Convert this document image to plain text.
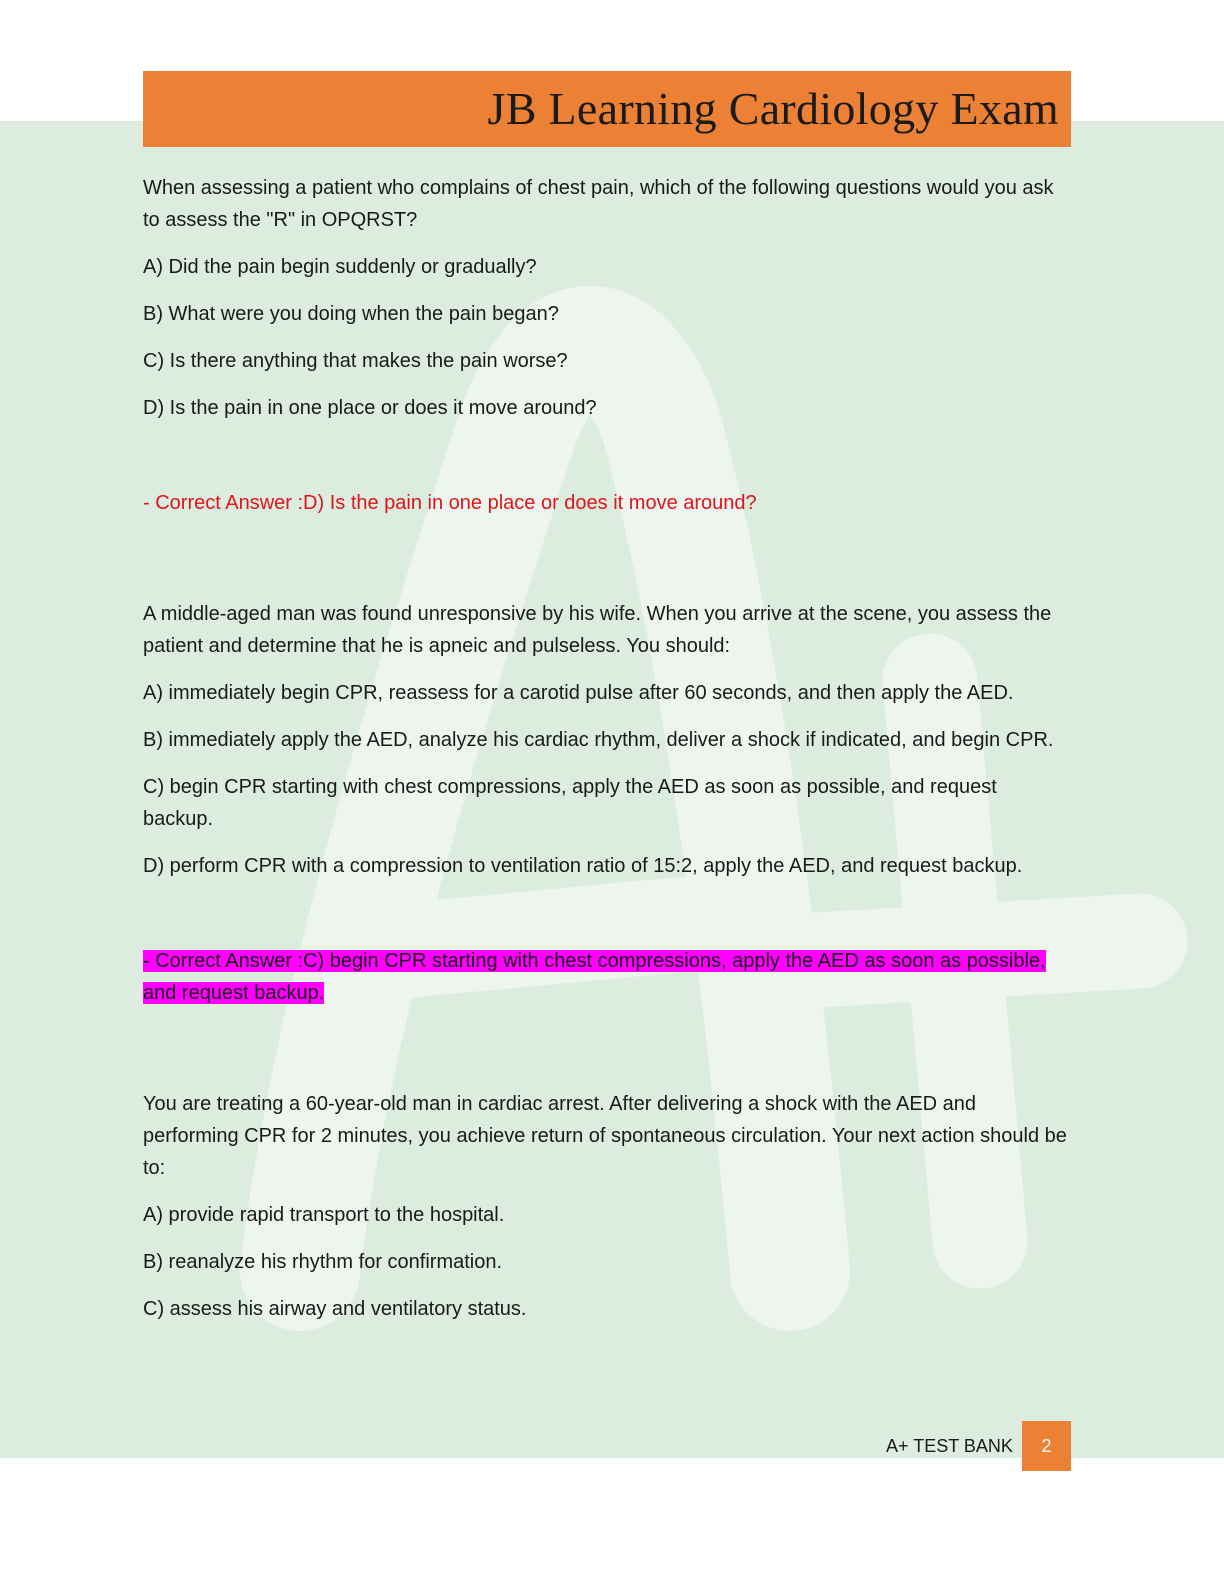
JB Learning Cardiology Exam

When assessing a patient who complains of chest pain, which of the following questions would you ask to assess the "R" in OPQRST?

A) Did the pain begin suddenly or gradually?

B) What were you doing when the pain began?

C) Is there anything that makes the pain worse?

D) Is the pain in one place or does it move around?

- Correct Answer :D) Is the pain in one place or does it move around?

A middle-aged man was found unresponsive by his wife. When you arrive at the scene, you assess the patient and determine that he is apneic and pulseless. You should:

A) immediately begin CPR, reassess for a carotid pulse after 60 seconds, and then apply the AED.

B) immediately apply the AED, analyze his cardiac rhythm, deliver a shock if indicated, and begin CPR.

C) begin CPR starting with chest compressions, apply the AED as soon as possible, and request backup.

D) perform CPR with a compression to ventilation ratio of 15:2, apply the AED, and request backup.

- Correct Answer :C) begin CPR starting with chest compressions, apply the AED as soon as possible, and request backup.

You are treating a 60-year-old man in cardiac arrest. After delivering a shock with the AED and performing CPR for 2 minutes, you achieve return of spontaneous circulation. Your next action should be to:

A) provide rapid transport to the hospital.

B) reanalyze his rhythm for confirmation.

C) assess his airway and ventilatory status.

A+ TEST BANK	2
